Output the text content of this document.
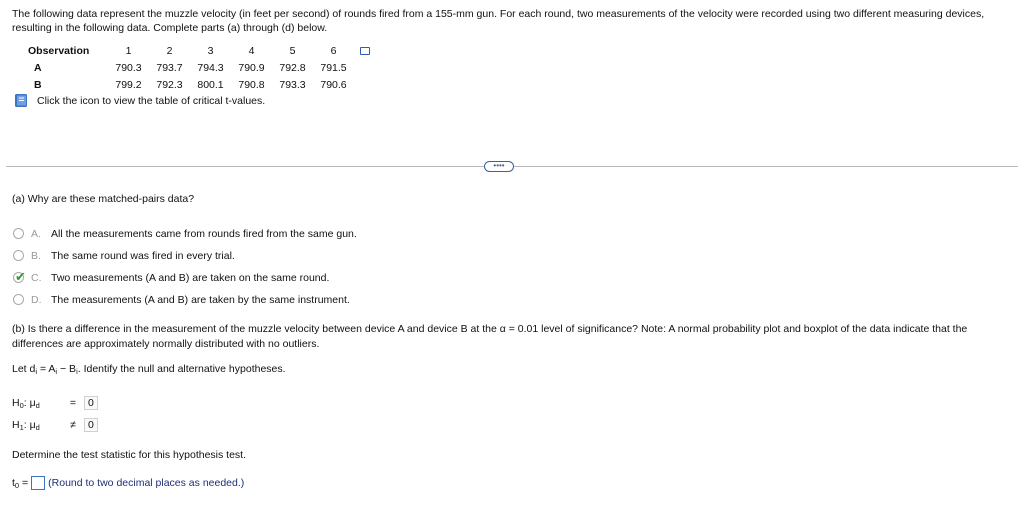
The following data represent the muzzle velocity (in feet per second) of rounds fired from a 155-mm gun. For each round, two measurements of the velocity were recorded using two different measuring devices, resulting in the following data. Complete parts (a) through (d) below.
Observation	1	2	3	4	5	6	
A	790.3	793.7	794.3	790.9	792.8	791.5	
B	799.2	792.3	800.1	790.8	793.3	790.6	
Click the icon to view the table of critical t-values.
••••
(a) Why are these matched-pairs data?
A. All the measurements came from rounds fired from the same gun.
B. The same round was fired in every trial.
✔ C. Two measurements (A and B) are taken on the same round.
D. The measurements (A and B) are taken by the same instrument.
(b) Is there a difference in the measurement of the muzzle velocity between device A and device B at the α = 0.01 level of significance? Note: A normal probability plot and boxplot of the data indicate that the differences are approximately normally distributed with no outliers.
Let $d_i = A_i - B_i$. Identify the null and alternative hypotheses.
$H_0$: $\mu_d$	= 0
$H_1$: $\mu_d$	≠ 0
Determine the test statistic for this hypothesis test.
$t_0$ = (Round to two decimal places as needed.)
